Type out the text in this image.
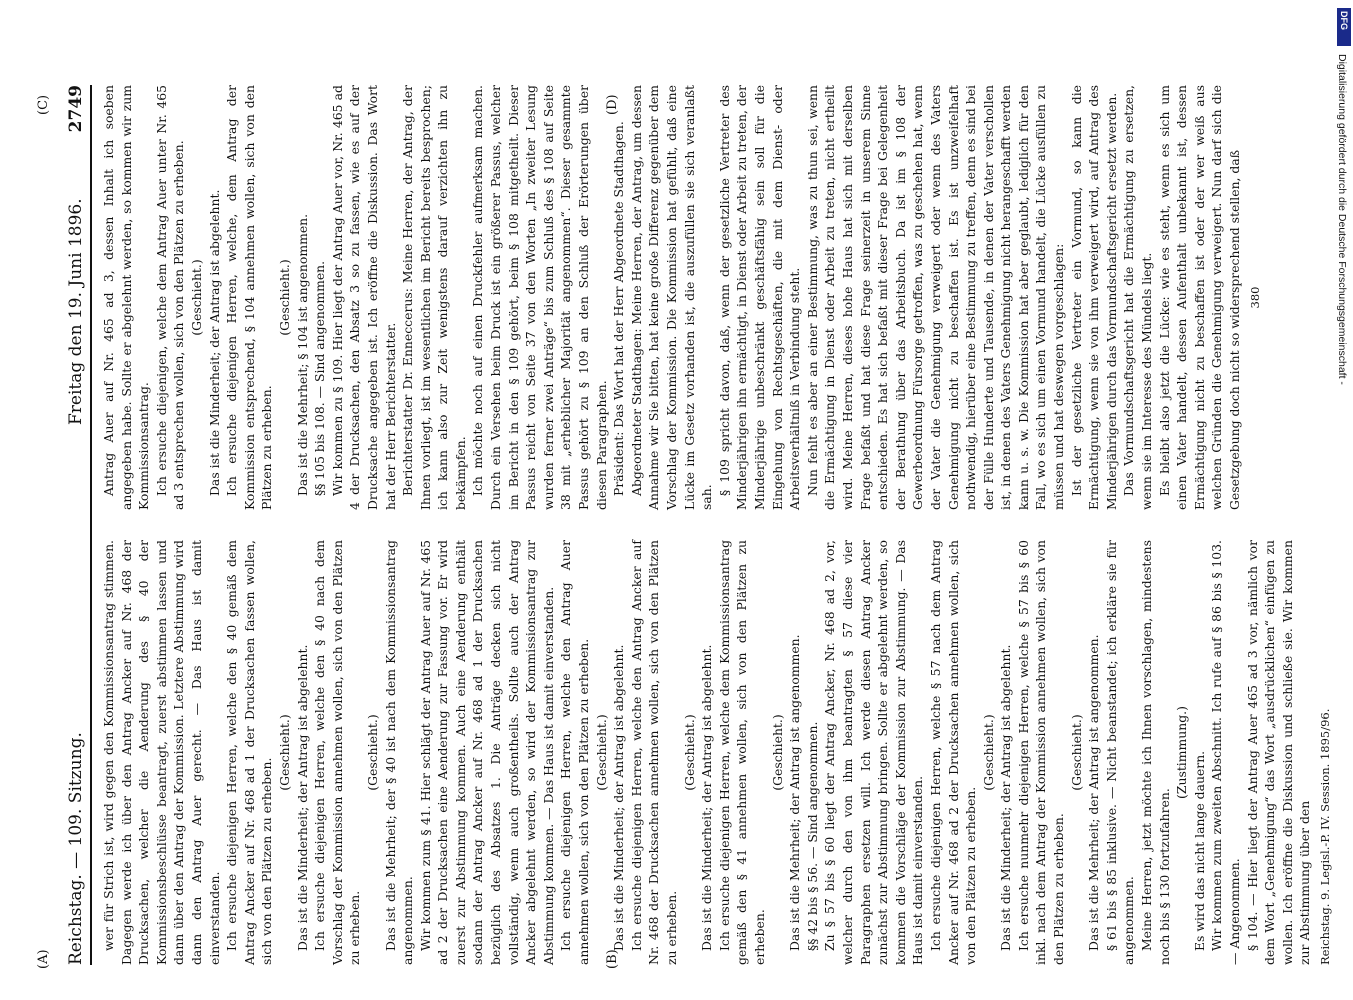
Reichstag. — 109. Sitzung.
Freitag den 19. Juni 1896.
2749

wer für Strich ist, wird gegen den Kommissionsantrag stimmen. Dagegen werde ich über den Antrag Ancker auf Nr. 468 der Drucksachen, welcher die Aenderung des § 40 der Kommissionsbeschlüsse beantragt, zuerst abstimmen lassen und dann über den Antrag der Kommission. Letztere Abstimmung wird dann den Antrag Auer gerecht. — Das Haus ist damit einverstanden. Ich ersuche diejenigen Herren, welche den § 40 gemäß dem Antrag Ancker auf Nr. 468 ad 1 der Drucksachen fassen wollen, sich von den Plätzen zu erheben.

(Geschieht.) Das ist die Minderheit; der Antrag ist abgelehnt. Ich ersuche diejenigen Herren, welche den § 40 nach dem Vorschlag der Kommission annehmen wollen, sich von den Plätzen zu erheben.

(Geschieht.) Das ist die Mehrheit; der § 40 ist nach dem Kommissionsantrag angenommen. Wir kommen zum § 41. Hier schlägt der Antrag Auer auf Nr. 465 ad 2 der Drucksachen eine Aenderung zur Fassung vor. Er wird zuerst zur Abstimmung kommen. Auch eine Aenderung enthält sodann der Antrag Ancker auf Nr. 468 ad 1 der Drucksachen bezüglich des Absatzes 1. Die Anträge decken sich nicht vollständig, wenn auch großentheils. Sollte auch der Antrag Ancker abgelehnt werden, so wird der Kommissionsantrag zur Abstimmung kommen. — Das Haus ist damit einverstanden. Ich ersuche diejenigen Herren, welche den Antrag Auer annehmen wollen, sich von den Plätzen zu erheben. (Geschieht.) Das ist die Minderheit; der Antrag ist abgelehnt. Ich ersuche diejenigen Herren, welche den Antrag Ancker auf Nr. 468 der Drucksachen annehmen wollen, sich von den Plätzen zu erheben.

(Geschieht.) Das ist die Minderheit; der Antrag ist abgelehnt. Ich ersuche diejenigen Herren, welche dem Kommissionsantrag gemäß den § 41 annehmen wollen, sich von den Plätzen zu erheben.

(Geschieht.) Das ist die Mehrheit; der Antrag ist angenommen. §§ 42 bis § 56. — Sind angenommen. Zu § 57 bis § 60 liegt der Antrag Ancker, Nr. 468 ad 2, vor, welcher durch den von ihm beantragten § 57 diese vier Paragraphen ersetzen will. Ich werde diesen Antrag Ancker zunächst zur Abstimmung bringen. Sollte er abgelehnt werden, so kommen die Vorschläge der Kommission zur Abstimmung. — Das Haus ist damit einverstanden. Ich ersuche diejenigen Herren, welche § 57 nach dem Antrag Ancker auf Nr. 468 ad 2 der Drucksachen annehmen wollen, sich von den Plätzen zu erheben.

(Geschieht.) Das ist die Minderheit; der Antrag ist abgelehnt. Ich ersuche nunmehr diejenigen Herren, welche § 57 bis § 60 inkl. nach dem Antrag der Kommission annehmen wollen, sich von den Plätzen zu erheben.

(Geschieht.) Das ist die Mehrheit; der Antrag ist angenommen. § 61 bis § 85 inklusive. — Nicht beanstandet; ich erkläre sie für angenommen. Meine Herren, jetzt möchte ich Ihnen vorschlagen, mindestens noch bis § 130 fortzufahren.

(Zustimmung.) Es wird das nicht lange dauern. Wir kommen zum zweiten Abschnitt. Ich rufe auf § 86 bis § 103. — Angenommen. § 104. — Hier liegt der Antrag Auer 465 ad 3 vor, nämlich vor dem Wort „Genehmigung“ das Wort „ausdrücklichen“ einfügen zu wollen. Ich eröffne die Diskussion und schließe sie. Wir kommen zur Abstimmung über den Reichstag. 9. Legisl.-P. IV. Session. 1895/96.

Antrag Auer auf Nr. 465 ad 3, dessen Inhalt ich soeben angegeben habe. Sollte er abgelehnt werden, so kommen wir zum Kommissionsantrag. Ich ersuche diejenigen, welche dem Antrag Auer unter Nr. 465 ad 3 entsprechen wollen, sich von den Plätzen zu erheben. (Geschieht.) Das ist die Minderheit; der Antrag ist abgelehnt. Ich ersuche diejenigen Herren, welche, dem Antrag der Kommission entsprechend, § 104 annehmen wollen, sich von den Plätzen zu erheben.

(Geschieht.) Das ist die Mehrheit; § 104 ist angenommen. §§ 105 bis 108. — Sind angenommen. Wir kommen zu § 109. Hier liegt der Antrag Auer vor, Nr. 465 ad 4 der Drucksachen, den Absatz 3 so zu fassen, wie es auf der Drucksache angegeben ist. Ich eröffne die Diskussion. Das Wort hat der Herr Berichterstatter. Berichterstatter Dr. Enneccerus: Meine Herren, der Antrag, der Ihnen vorliegt, ist im wesentlichen im Bericht bereits besprochen; ich kann also zur Zeit wenigstens darauf verzichten ihn zu bekämpfen. Ich möchte noch auf einen Druckfehler aufmerksam machen. Durch ein Versehen beim Druck ist ein größerer Passus, welcher im Bericht in den § 109 gehört, beim § 108 mitgetheilt. Dieser Passus reicht von Seite 37 von den Worten „In zweiter Lesung wurden ferner zwei Anträge“ bis zum Schluß des § 108 auf Seite 38 mit „erheblicher Majorität angenommen“. Dieser gesammte Passus gehört zu § 109 an den Schluß der Erörterungen über diesen Paragraphen. Präsident: Das Wort hat der Herr Abgeordnete Stadthagen. Abgeordneter Stadthagen: Meine Herren, der Antrag, um dessen Annahme wir Sie bitten, hat keine große Differenz gegenüber dem Vorschlag der Kommission. Die Kommission hat gefühlt, daß eine Lücke im Gesetz vorhanden ist, die auszufüllen sie sich veranlaßt sah.

§ 109 spricht davon, daß, wenn der gesetzliche Vertreter des Minderjährigen ihn ermächtigt, in Dienst oder Arbeit zu treten, der Minderjährige unbeschränkt geschäftsfähig sein soll für die Eingehung von Rechtsgeschäften, die mit dem Dienst- oder Arbeitsverhältniß in Verbindung steht. Nun fehlt es aber an einer Bestimmung, was zu thun sei, wenn die Ermächtigung in Dienst oder Arbeit zu treten, nicht ertheilt wird. Meine Herren, dieses hohe Haus hat sich mit derselben Frage befaßt und hat diese Frage seinerzeit in unserem Sinne entschieden. Es hat sich befaßt mit dieser Frage bei Gelegenheit der Berathung über das Arbeitsbuch. Da ist im § 108 der Gewerbeordnung Fürsorge getroffen, was zu geschehen hat, wenn der Vater die Genehmigung verweigert oder wenn des Vaters Genehmigung nicht zu beschaffen ist. Es ist unzweifelhaft nothwendig, hierüber eine Bestimmung zu treffen, denn es sind bei der Fülle Hunderte und Tausende, in denen der Vater verschollen ist, in denen des Vaters Genehmigung nicht herangeschafft werden kann u. s. w. Die Kommission hat aber geglaubt, lediglich für den Fall, wo es sich um einen Vormund handelt, die Lücke ausfüllen zu müssen und hat deswegen vorgeschlagen: Ist der gesetzliche Vertreter ein Vormund, so kann die Ermächtigung, wenn sie von ihm verweigert wird, auf Antrag des Minderjährigen durch das Vormundschaftsgericht ersetzt werden. Das Vormundschaftsgericht hat die Ermächtigung zu ersetzen, wenn sie im Interesse des Mündels liegt. Es bleibt also jetzt die Lücke: wie es steht, wenn es sich um einen Vater handelt, dessen Aufenthalt unbekannt ist, dessen Ermächtigung nicht zu beschaffen ist oder der wer weiß aus welchen Gründen die Genehmigung verweigert. Nun darf sich die Gesetzgebung doch nicht so widersprechend stellen, daß 380

(A)	(B)
(C)	(D)
DFG
Digitalisierung gefördert durch die Deutsche Forschungsgemeinschaft -
